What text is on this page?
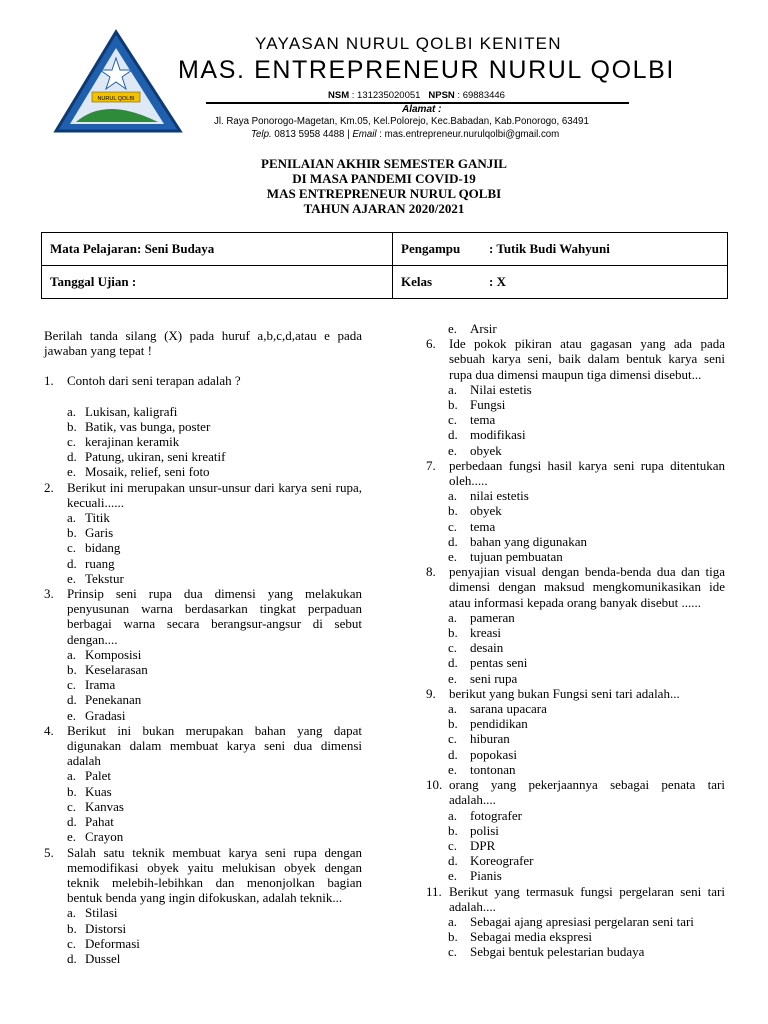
NURUL QOLBI
YAYASAN NURUL QOLBI KENITEN
MAS. ENTREPRENEUR NURUL QOLBI
NSM : 131235020051 NPSN : 69883446
Alamat :
Jl. Raya Ponorogo-Magetan, Km.05, Kel.Polorejo, Kec.Babadan, Kab.Ponorogo, 63491
Telp. 0813 5958 4488 | Email : mas.entrepreneur.nurulqolbi@gmail.com
PENILAIAN AKHIR SEMESTER GANJIL
DI MASA PANDEMI COVID-19
MAS ENTREPRENEUR NURUL QOLBI
TAHUN AJARAN 2020/2021
Mata Pelajaran: Seni Budaya	Pengampu : Tutik Budi Wahyuni
Tanggal Ujian :	Kelas : X

Berilah tanda silang (X) pada huruf a,b,c,d,atau e pada jawaban yang tepat !

1. Contoh dari seni terapan adalah ?
a. Lukisan, kaligrafi
b. Batik, vas bunga, poster
c. kerajinan keramik
d. Patung, ukiran, seni kreatif
e. Mosaik, relief, seni foto
2. Berikut ini merupakan unsur-unsur dari karya seni rupa, kecuali......
a. Titik
b. Garis
c. bidang
d. ruang
e. Tekstur
3. Prinsip seni rupa dua dimensi yang melakukan penyusunan warna berdasarkan tingkat perpaduan berbagai warna secara berangsur-angsur di sebut dengan....
a. Komposisi
b. Keselarasan
c. Irama
d. Penekanan
e. Gradasi
4. Berikut ini bukan merupakan bahan yang dapat digunakan dalam membuat karya seni dua dimensi adalah
a. Palet
b. Kuas
c. Kanvas
d. Pahat
e. Crayon
5. Salah satu teknik membuat karya seni rupa dengan memodifikasi obyek yaitu melukisan obyek dengan teknik melebih-lebihkan dan menonjolkan bagian bentuk benda yang ingin difokuskan, adalah teknik...
a. Stilasi
b. Distorsi
c. Deformasi
d. Dussel
e. Arsir
6. Ide pokok pikiran atau gagasan yang ada pada sebuah karya seni, baik dalam bentuk karya seni rupa dua dimensi maupun tiga dimensi disebut...
a. Nilai estetis
b. Fungsi
c. tema
d. modifikasi
e. obyek
7. perbedaan fungsi hasil karya seni rupa ditentukan oleh.....
a. nilai estetis
b. obyek
c. tema
d. bahan yang digunakan
e. tujuan pembuatan
8. penyajian visual dengan benda-benda dua dan tiga dimensi dengan maksud mengkomunikasikan ide atau informasi kepada orang banyak disebut ......
a. pameran
b. kreasi
c. desain
d. pentas seni
e. seni rupa
9. berikut yang bukan Fungsi seni tari adalah...
a. sarana upacara
b. pendidikan
c. hiburan
d. popokasi
e. tontonan
10. orang yang pekerjaannya sebagai penata tari adalah....
a. fotografer
b. polisi
c. DPR
d. Koreografer
e. Pianis
11. Berikut yang termasuk fungsi pergelaran seni tari adalah....
a. Sebagai ajang apresiasi pergelaran seni tari
b. Sebagai media ekspresi
c. Sebgai bentuk pelestarian budaya
